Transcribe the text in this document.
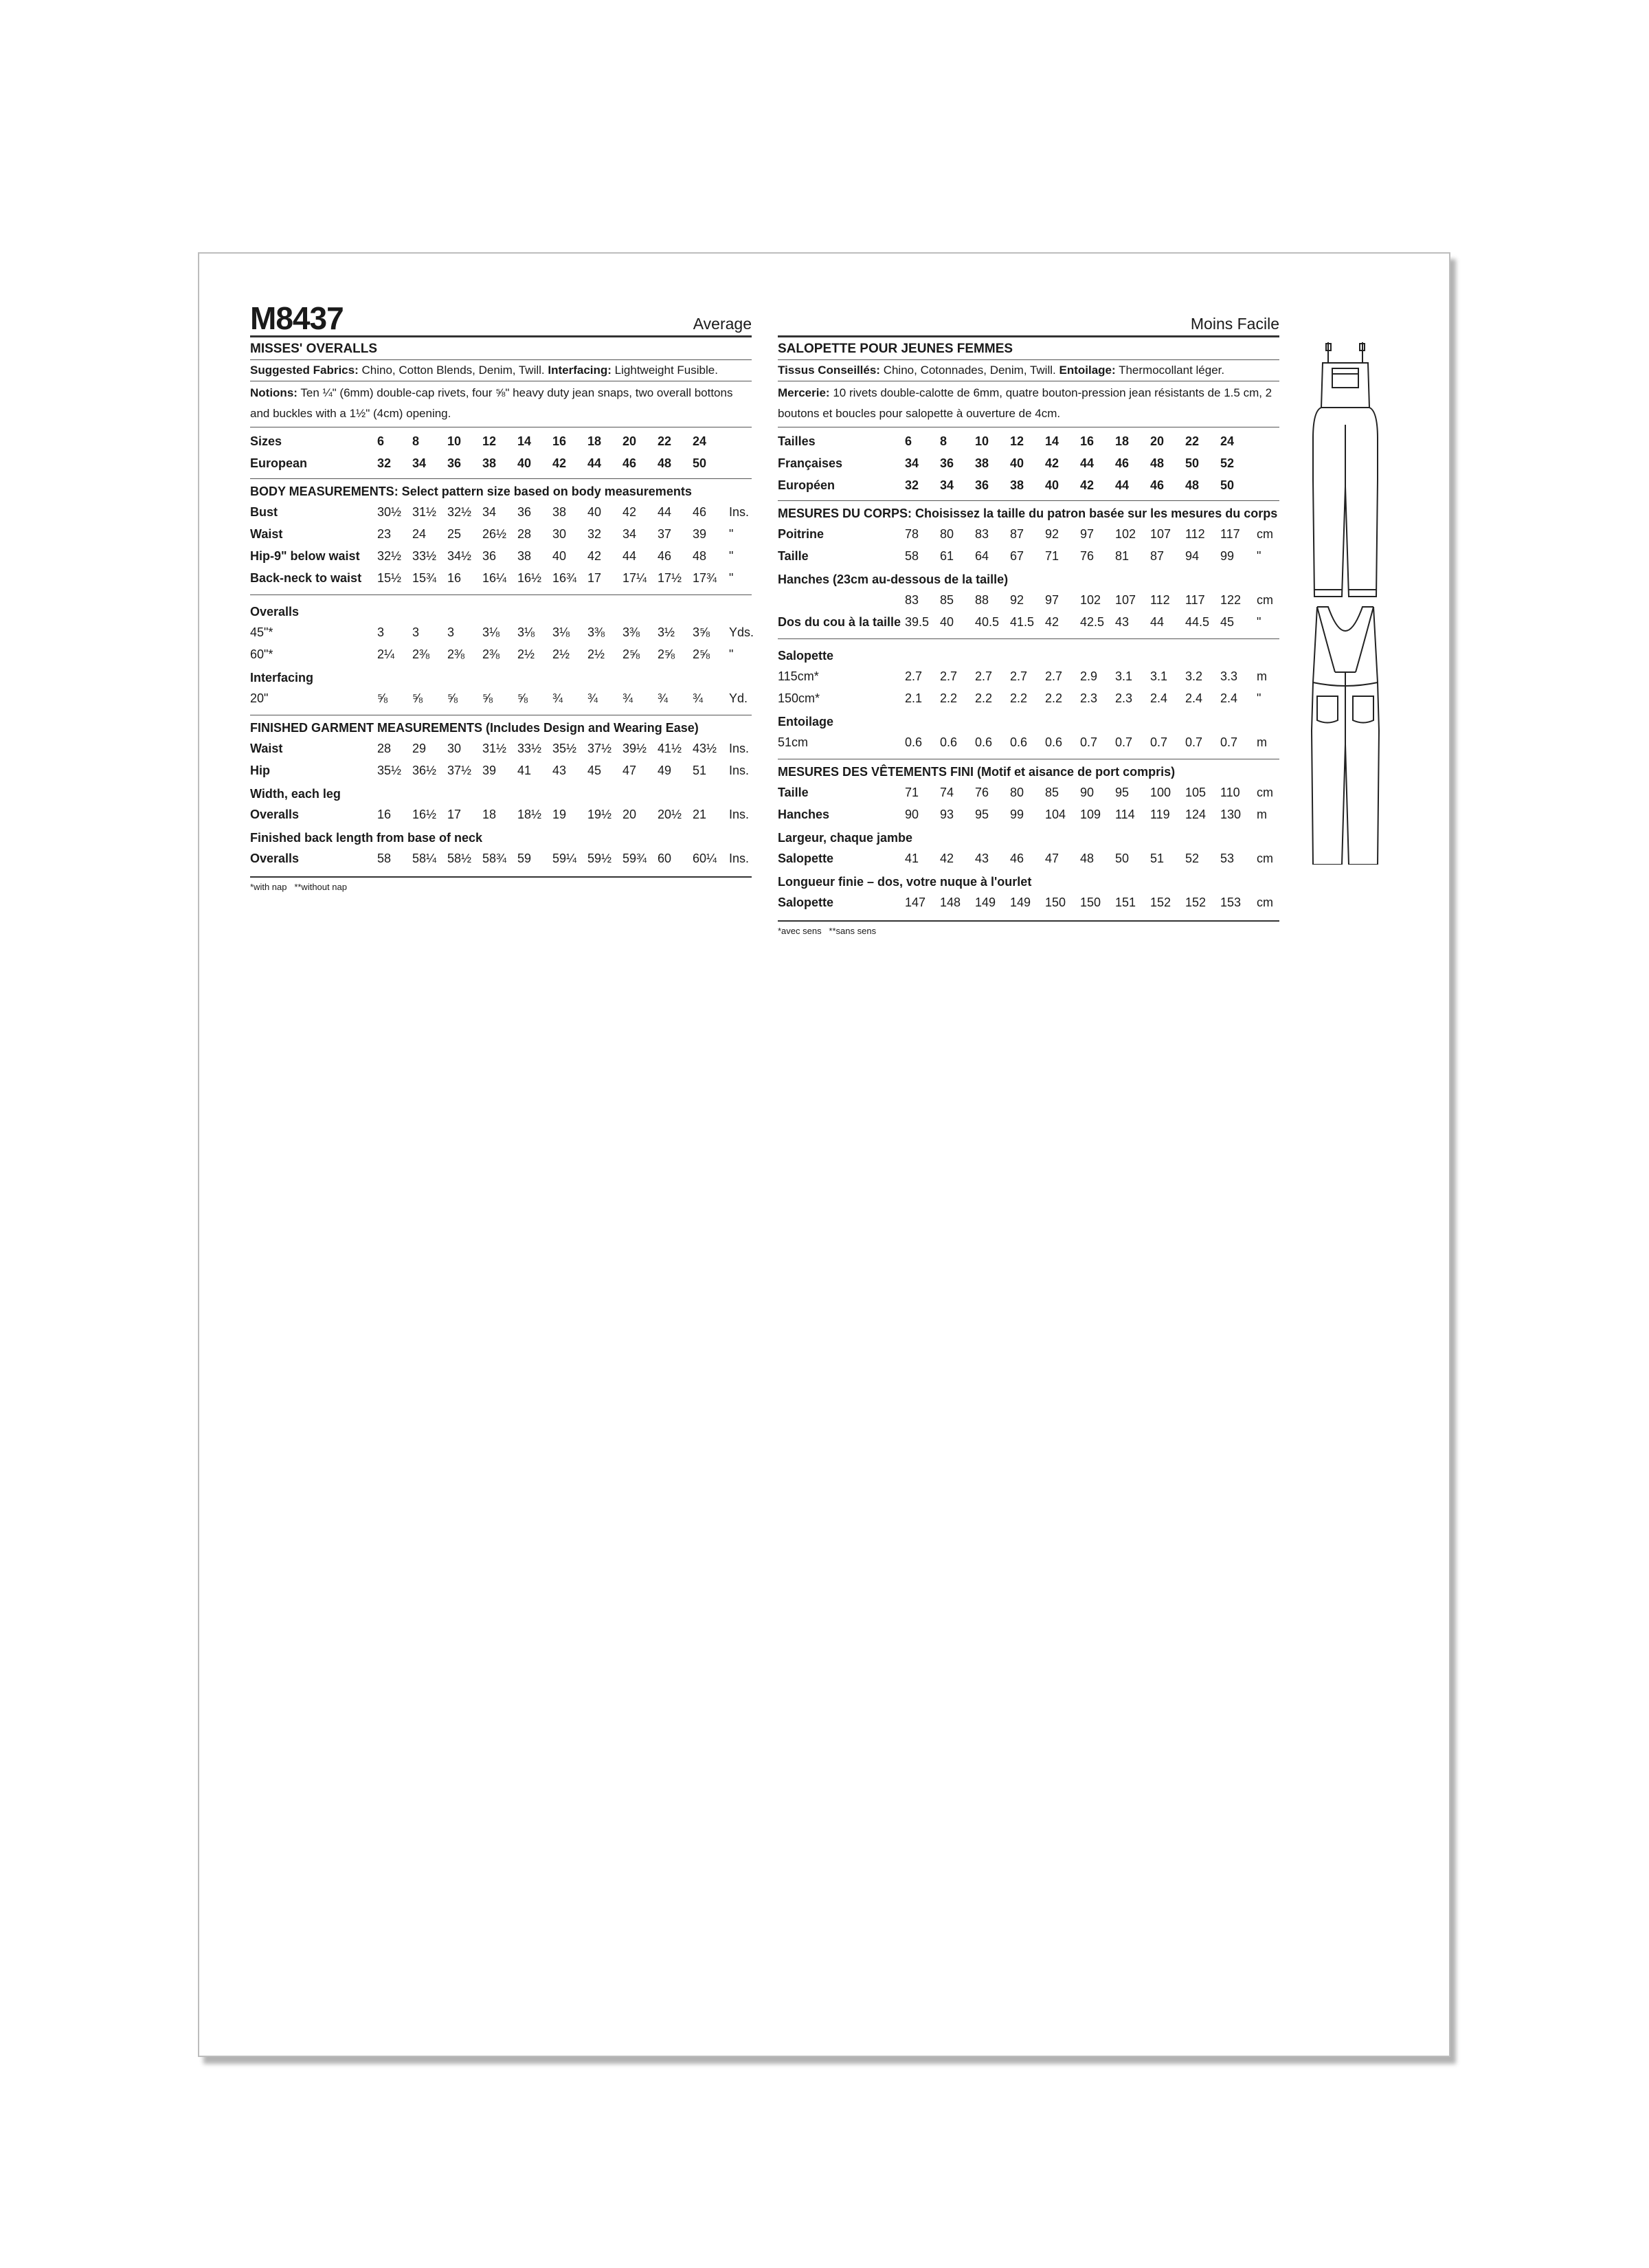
M8437	Average
MISSES' OVERALLS
Suggested Fabrics: Chino, Cotton Blends, Denim, Twill. Interfacing: Lightweight Fusible.
Notions: Ten ¼" (6mm) double-cap rivets, four ⅝" heavy duty jean snaps, two overall bottons and buckles with a 1½" (4cm) opening.
Sizes	6	8	10	12	14	16	18	20	22	24
European	32	34	36	38	40	42	44	46	48	50
BODY MEASUREMENTS: Select pattern size based on body measurements
Bust	30½ 31½ 32½ 34	36	38	40	42	44	46	Ins.
Waist	23	24	25	26½ 28	30	32	34	37	39	"
Hip-9" below waist	32½ 33½ 34½ 36	38	40	42	44	46	48	"
Back-neck to waist	15½ 15¾ 16	16¼ 16½ 16¾ 17	17¼ 17½ 17¾ "
Overalls
45"*	3	3	3	3⅛	3⅛	3⅛	3⅜	3⅜	3½	3⅝	Yds.
60"*	2¼	2⅜	2⅜	2⅜	2½	2½	2½	2⅝	2⅝	2⅝	"
Interfacing
20"	⅝	⅝	⅝	⅝	⅝	¾	¾	¾	¾	¾	Yd.
FINISHED GARMENT MEASUREMENTS (Includes Design and Wearing Ease)
Waist	28	29	30	31½ 33½ 35½ 37½ 39½ 41½ 43½ Ins.
Hip	35½ 36½ 37½ 39	41	43	45	47	49	51	Ins.
Width, each leg
Overalls	16	16½ 17	18	18½ 19	19½ 20	20½ 21	Ins.
Finished back length from base of neck
Overalls	58	58¼ 58½ 58¾ 59	59¼ 59½ 59¾ 60	60¼ Ins.
*with nap   **without nap
Moins Facile
SALOPETTE POUR JEUNES FEMMES
Tissus Conseillés: Chino, Cotonnades, Denim, Twill. Entoilage: Thermocollant léger.
Mercerie: 10 rivets double-calotte de 6mm, quatre bouton-pression jean résistants de 1.5 cm, 2 boutons et boucles pour salopette à ouverture de 4cm.
Tailles	6	8	10	12	14	16	18	20	22	24
Françaises	34	36	38	40	42	44	46	48	50	52
Européen	32	34	36	38	40	42	44	46	48	50
MESURES DU CORPS: Choisissez la taille du patron basée sur les mesures du corps
Poitrine	78	80	83	87	92	97	102	107	112	117	cm
Taille	58	61	64	67	71	76	81	87	94	99	"
Hanches (23cm au-dessous de la taille)
83	85	88	92	97	102	107	112	117	122	cm
Dos du cou à la taille 39.5 40	40.5 41.5 42	42.5 43	44	44.5 45	"
Salopette
115cm*	2.7	2.7	2.7	2.7	2.7	2.9	3.1	3.1	3.2	3.3	m
150cm*	2.1	2.2	2.2	2.2	2.2	2.3	2.3	2.4	2.4	2.4	"
Entoilage
51cm	0.6	0.6	0.6	0.6	0.6	0.7	0.7	0.7	0.7	0.7	m
MESURES DES VÊTEMENTS FINI (Motif et aisance de port compris)
Taille	71	74	76	80	85	90	95	100	105	110	cm
Hanches	90	93	95	99	104	109	114	119	124	130	m
Largeur, chaque jambe
Salopette	41	42	43	46	47	48	50	51	52	53	cm
Longueur finie – dos, votre nuque à l'ourlet
Salopette	147	148	149	149	150	150	151	152	152	153	cm
*avec sens   **sans sens
